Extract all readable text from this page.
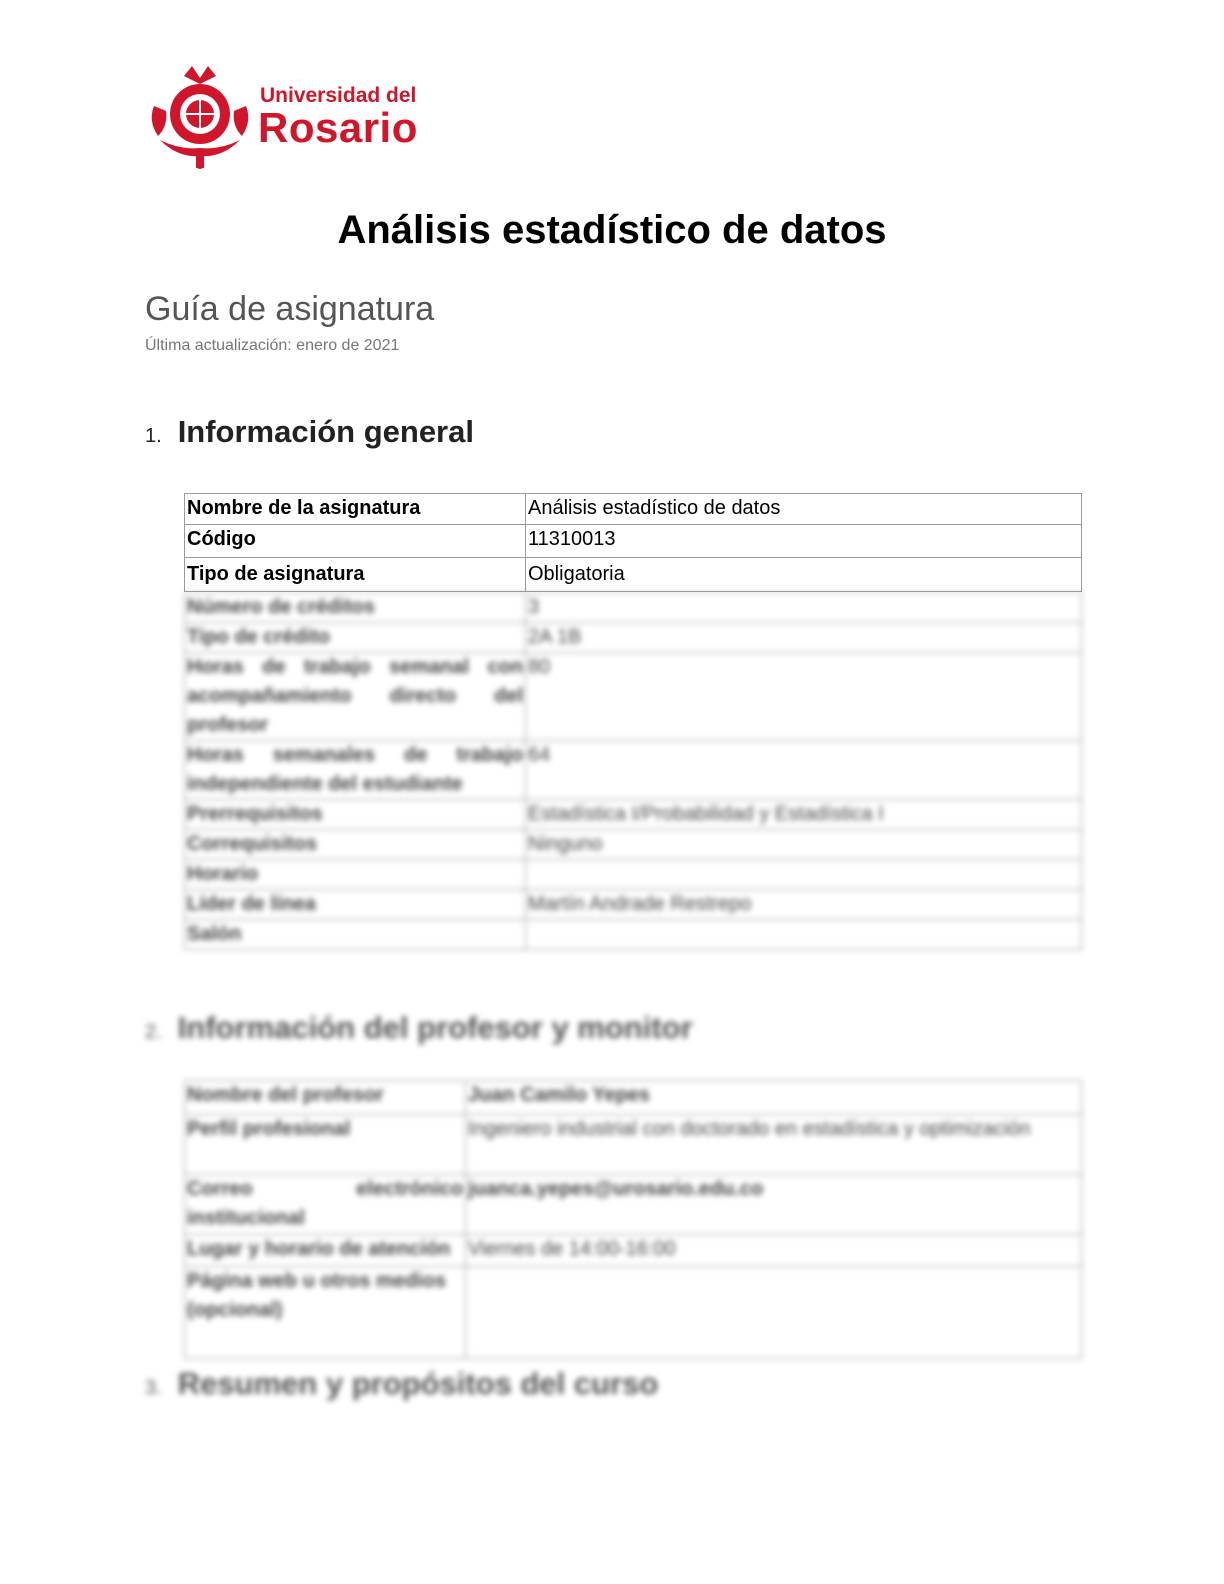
Universidad del
Rosario
Análisis estadístico de datos
Guía de asignatura
Última actualización: enero de 2021
1. Información general
Nombre de la asignatura	Análisis estadístico de datos
Código	11310013
Tipo de asignatura	Obligatoria
Número de créditos	3
Tipo de crédito	2A 1B
Horas de trabajo semanal con acompañamiento directo del profesor	80
Horas semanales de trabajo independiente del estudiante	64
Prerrequisitos	Estadística I/Probabilidad y Estadística I
Correquisitos	Ninguno
Horario	
Líder de línea	Martín Andrade Restrepo
Salón	
2. Información del profesor y monitor
Nombre del profesor	Juan Camilo Yepes
Perfil profesional	Ingeniero industrial con doctorado en estadística y optimización
Correo electrónico institucional	juanca.yepes@urosario.edu.co
Lugar y horario de atención	Viernes de 14:00-16:00
Página web u otros medios (opcional)	
3. Resumen y propósitos del curso
